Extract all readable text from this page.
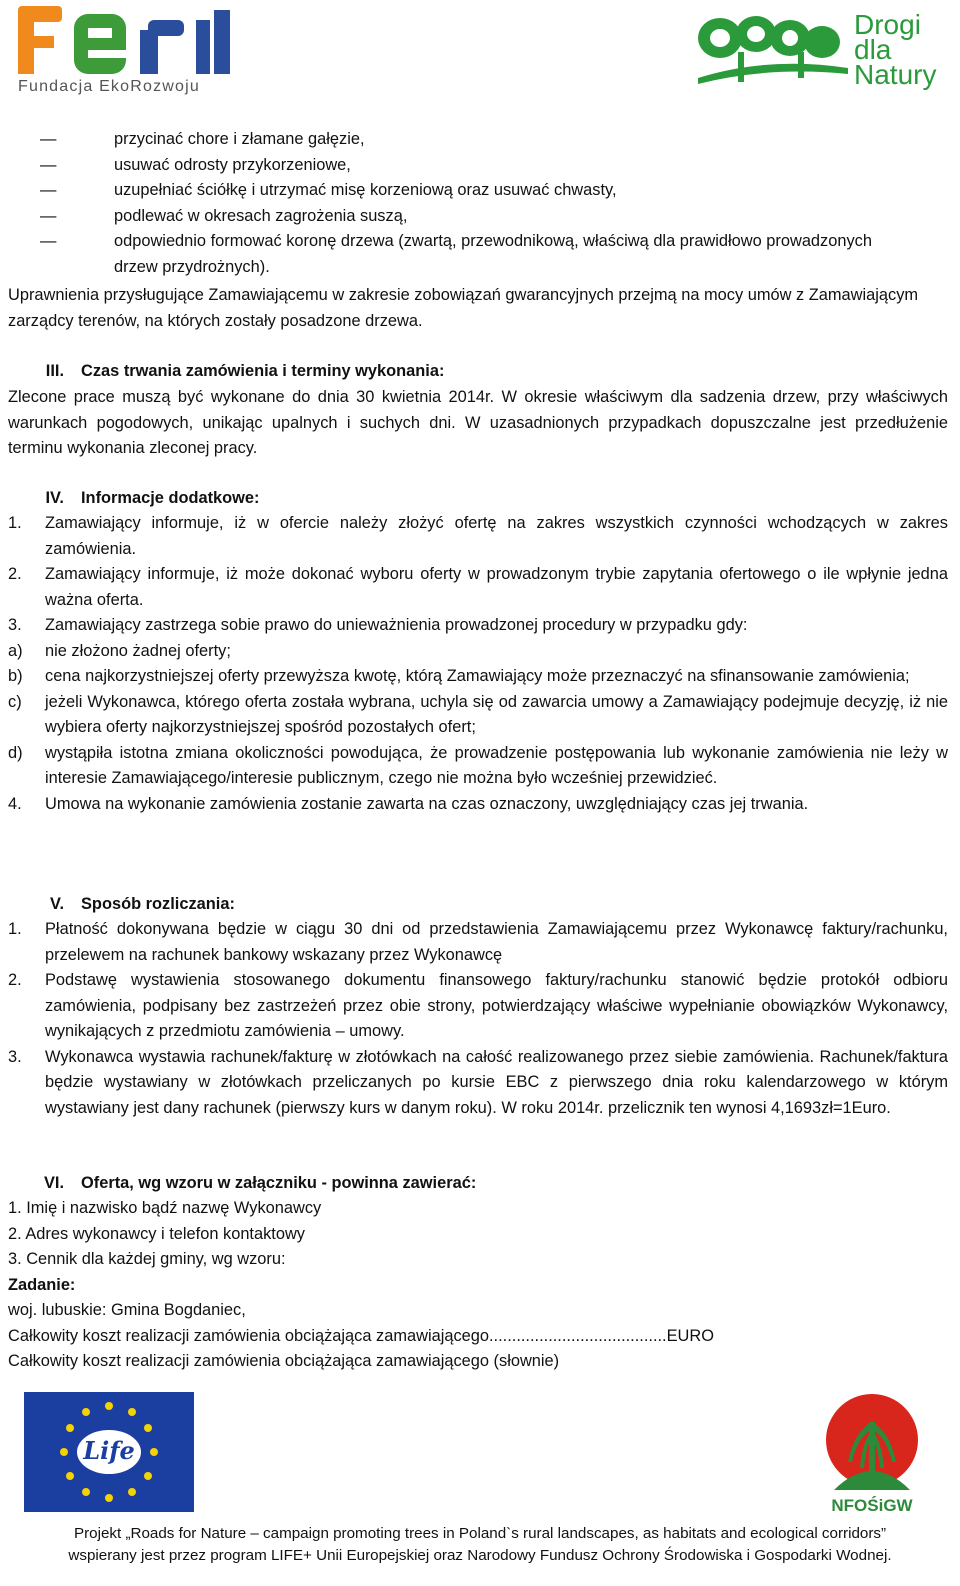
Fundacja EkoRozwoju
Drogi
dla
Natury
— przycinać chore i złamane gałęzie,
— usuwać odrosty przykorzeniowe,
— uzupełniać ściółkę i utrzymać misę korzeniową oraz usuwać chwasty,
— podlewać w okresach zagrożenia suszą,
— odpowiednio formować koronę drzewa (zwartą, przewodnikową, właściwą dla prawidłowo prowadzonych drzew przydrożnych).
Uprawnienia przysługujące Zamawiającemu w zakresie zobowiązań gwarancyjnych przejmą na mocy umów z Zamawiającym zarządcy terenów, na których zostały posadzone drzewa.
III. Czas trwania zamówienia i terminy wykonania:
Zlecone prace muszą być wykonane do dnia 30 kwietnia 2014r. W okresie właściwym dla sadzenia drzew, przy właściwych warunkach pogodowych, unikając upalnych i suchych dni. W uzasadnionych przypadkach dopuszczalne jest przedłużenie terminu wykonania zleconej pracy.
IV. Informacje dodatkowe:
1. Zamawiający informuje, iż w ofercie należy złożyć ofertę na zakres wszystkich czynności wchodzących w zakres zamówienia.
2. Zamawiający informuje, iż może dokonać wyboru oferty w prowadzonym trybie zapytania ofertowego o ile wpłynie jedna ważna oferta.
3. Zamawiający zastrzega sobie prawo do unieważnienia prowadzonej procedury w przypadku gdy:
a) nie złożono żadnej oferty;
b) cena najkorzystniejszej oferty przewyższa kwotę, którą Zamawiający może przeznaczyć na sfinansowanie zamówienia;
c) jeżeli Wykonawca, którego oferta została wybrana, uchyla się od zawarcia umowy a Zamawiający podejmuje decyzję, iż nie wybiera oferty najkorzystniejszej spośród pozostałych ofert;
d) wystąpiła istotna zmiana okoliczności powodująca, że prowadzenie postępowania lub wykonanie zamówienia nie leży w interesie Zamawiającego/interesie publicznym, czego nie można było wcześniej przewidzieć.
4. Umowa na wykonanie zamówienia zostanie zawarta na czas oznaczony, uwzględniający czas jej trwania.
V. Sposób rozliczania:
1. Płatność dokonywana będzie w ciągu 30 dni od przedstawienia Zamawiającemu przez Wykonawcę faktury/rachunku, przelewem na rachunek bankowy wskazany przez Wykonawcę
2. Podstawę wystawienia stosowanego dokumentu finansowego faktury/rachunku stanowić będzie protokół odbioru zamówienia, podpisany bez zastrzeżeń przez obie strony, potwierdzający właściwe wypełnianie obowiązków Wykonawcy, wynikających z przedmiotu zamówienia – umowy.
3. Wykonawca wystawia rachunek/fakturę w złotówkach na całość realizowanego przez siebie zamówienia. Rachunek/faktura będzie wystawiany w złotówkach przeliczanych po kursie EBC z pierwszego dnia roku kalendarzowego w którym wystawiany jest dany rachunek (pierwszy kurs w danym roku). W roku 2014r. przelicznik ten wynosi 4,1693zł=1Euro.
VI. Oferta, wg wzoru w załączniku - powinna zawierać:
1. Imię i nazwisko bądź nazwę Wykonawcy
2. Adres wykonawcy i telefon kontaktowy
3. Cennik dla każdej gminy, wg wzoru:
Zadanie:
woj. lubuskie: Gmina Bogdaniec,
Całkowity koszt realizacji zamówienia obciążająca zamawiającego.......................................EURO
Całkowity koszt realizacji zamówienia obciążająca zamawiającego (słownie)
Life
NFOŚiGW
Projekt „Roads for Nature – campaign promoting trees in Poland`s rural landscapes, as habitats and ecological corridors”
wspierany jest przez program LIFE+ Unii Europejskiej oraz Narodowy Fundusz Ochrony Środowiska i Gospodarki Wodnej.
